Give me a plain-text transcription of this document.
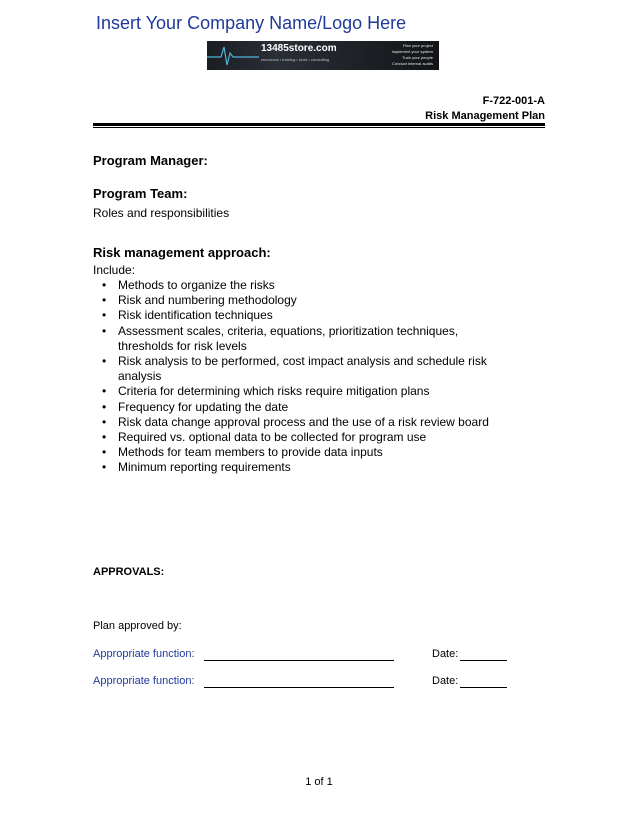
Insert Your Company Name/Logo Here
13485store.com
resources • training • tools • consulting
Plan your project
Implement your system
Train your people
Conduct internal audits
F-722-001-A
Risk Management Plan
Program Manager:
Program Team:
Roles and responsibilities
Risk management approach:
Include:
• Methods to organize the risks
• Risk and numbering methodology
• Risk identification techniques
• Assessment scales, criteria, equations, prioritization techniques, thresholds for risk levels
• Risk analysis to be performed, cost impact analysis and schedule risk analysis
• Criteria for determining which risks require mitigation plans
• Frequency for updating the date
• Risk data change approval process and the use of a risk review board
• Required vs. optional data to be collected for program use
• Methods for team members to provide data inputs
• Minimum reporting requirements
APPROVALS:
Plan approved by:
Appropriate function:	Date:
Appropriate function:	Date:
1 of 1
